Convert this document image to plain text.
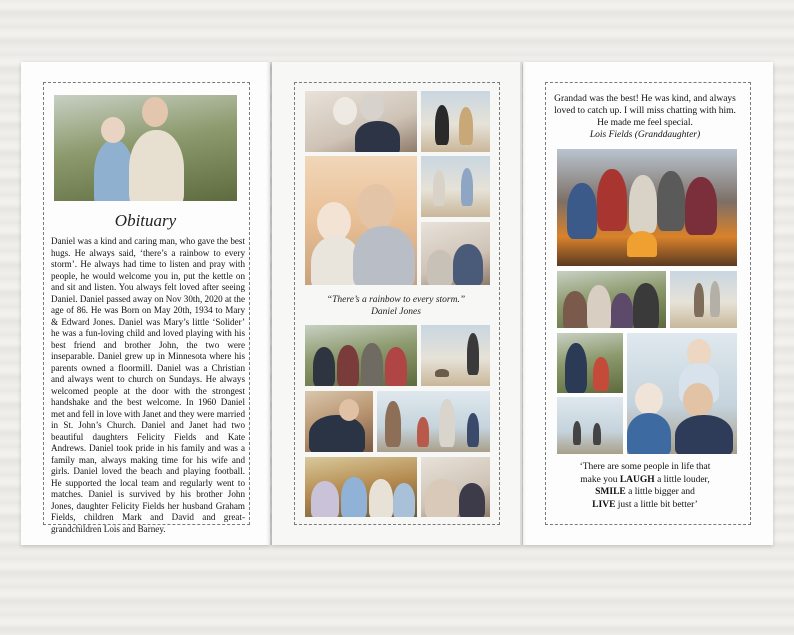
Obituary
Daniel was a kind and caring man, who gave the best hugs. He always said, ‘there’s a rainbow to every storm’. He always had time to listen and pray with people, he would welcome you in, put the kettle on and sit and listen. You always felt loved after seeing Daniel. Daniel passed away on Nov 30th, 2020 at the age of 86. He was Born on May 20th, 1934 to Mary & Edward Jones. Daniel was Mary’s little ‘Solider’ he was a fun-loving child and loved playing with his best friend and brother John, the two were inseparable. Daniel grew up in Minnesota where his parents owned a floormill. Daniel was a Christian and always went to church on Sundays. He always welcomed people at the door with the strongest handshake and the best welcome. In 1960 Daniel met and fell in love with Janet and they were married in St. John’s Church. Daniel and Janet had two beautiful daughters Felicity Fields and Kate Andrews. Daniel took pride in his family and was a family man, always making time for his wife and girls. Daniel loved the beach and playing football. He supported the local team and regularly went to matches. Daniel is survived by his brother John Jones, daughter Felicity Fields her husband Graham Fields, children Mark and David and great-grandchildren Lois and Barney.
“There’s a rainbow to every storm.”
Daniel Jones
Grandad was the best! He was kind, and always loved to catch up. I will miss chatting with him. He made me feel special.
Lois Fields (Granddaughter)
‘There are some people in life that
make you LAUGH a little louder,
SMILE a little bigger and
LIVE just a little bit better’
